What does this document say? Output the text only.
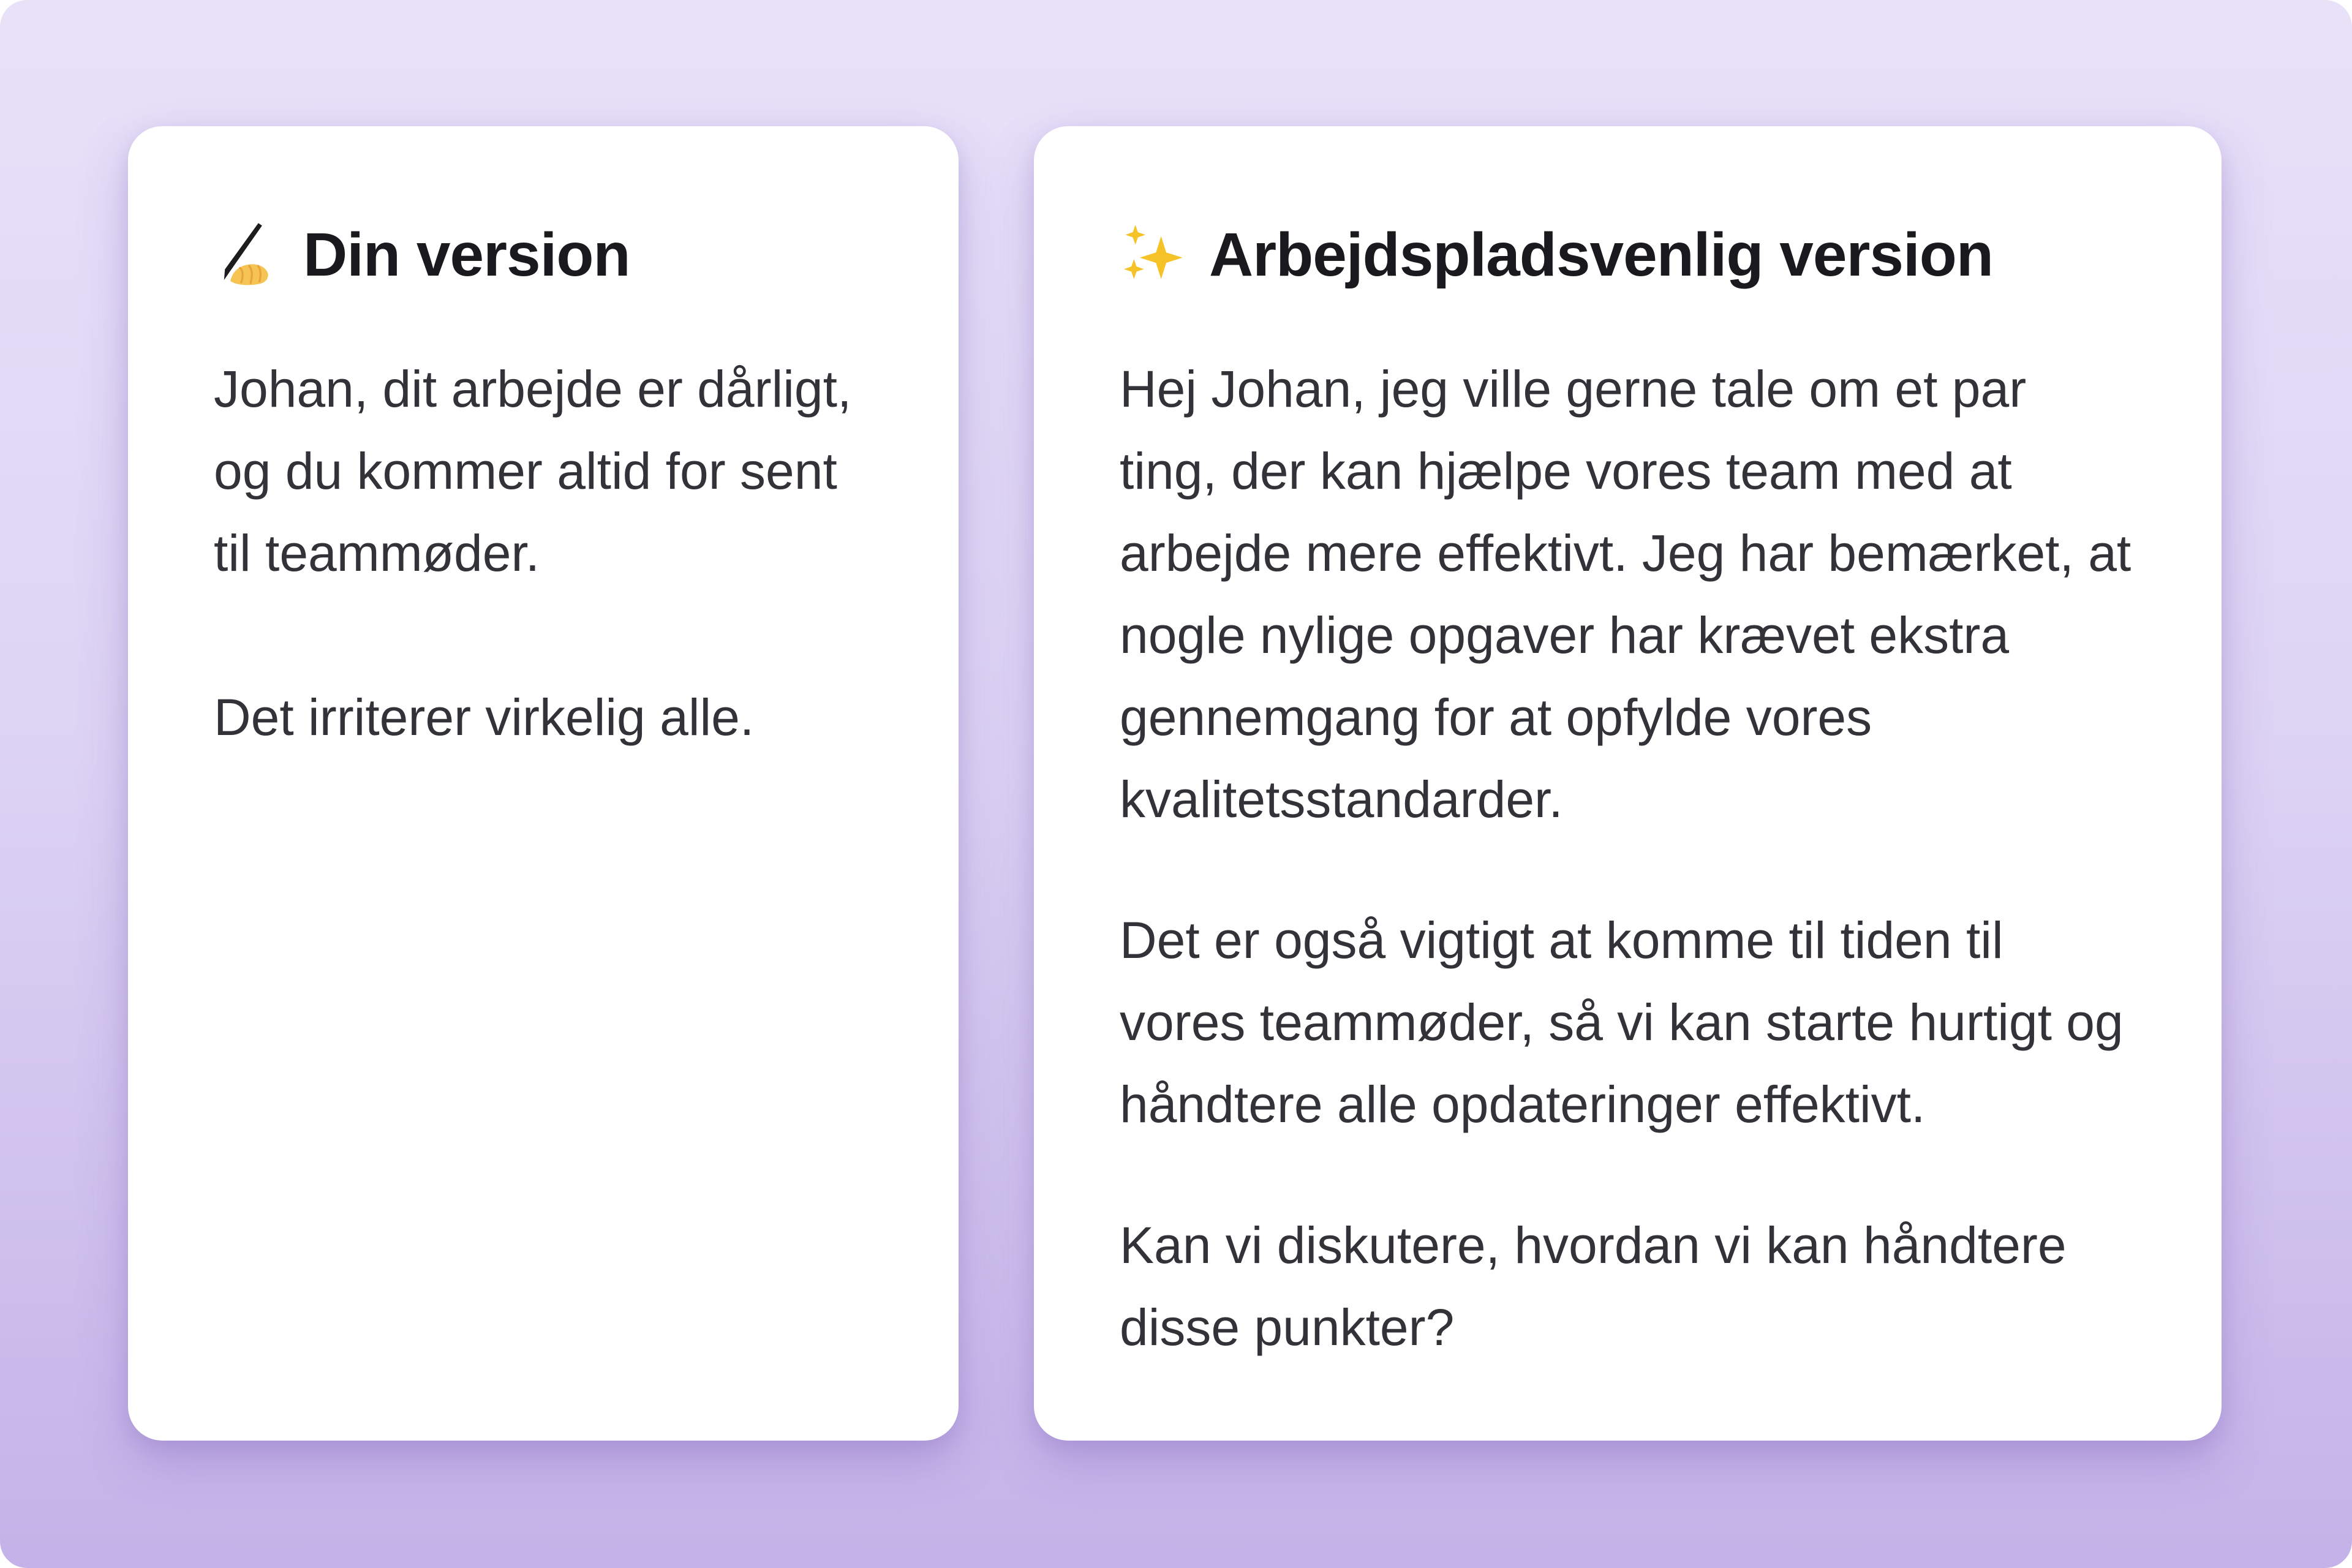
Din version

Johan, dit arbejde er dårligt, og du kommer altid for sent til teammøder.

Det irriterer virkelig alle.

Arbejdspladsvenlig version

Hej Johan, jeg ville gerne tale om et par ting, der kan hjælpe vores team med at arbejde mere effektivt. Jeg har bemærket, at nogle nylige opgaver har krævet ekstra gennemgang for at opfylde vores kvalitetsstandarder.

Det er også vigtigt at komme til tiden til vores teammøder, så vi kan starte hurtigt og håndtere alle opdateringer effektivt.

Kan vi diskutere, hvordan vi kan håndtere disse punkter?
